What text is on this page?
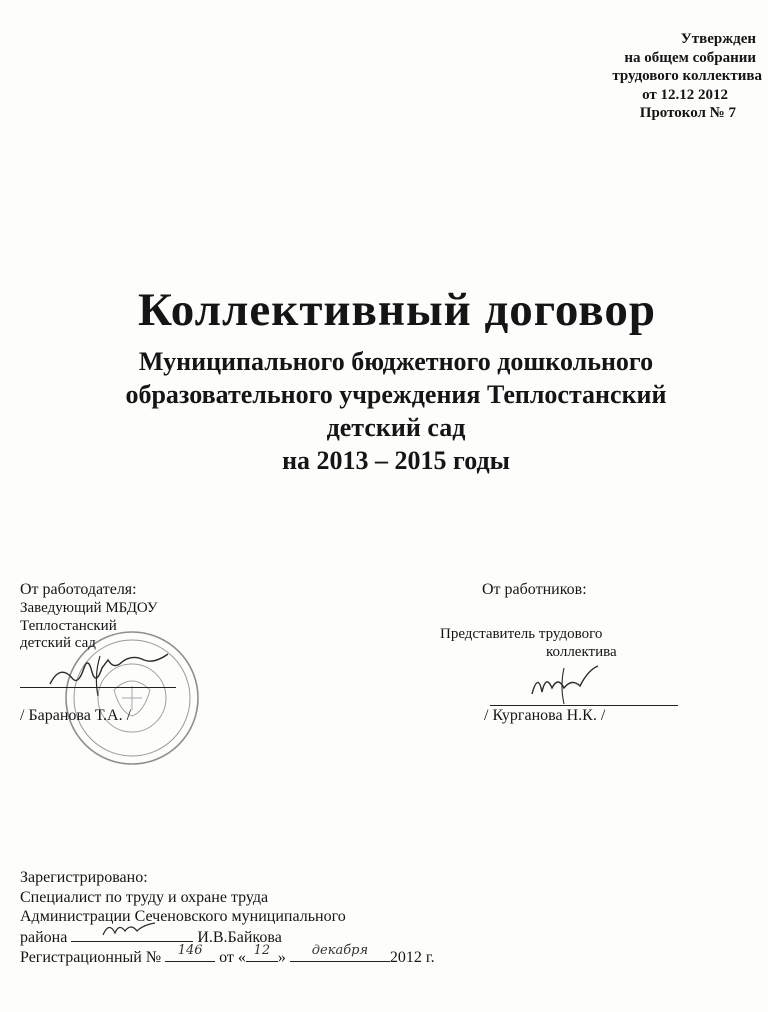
Утвержден
на общем собрании
трудового коллектива
от 12.12 2012
Протокол № 7
Коллективный договор
Муниципального бюджетного дошкольного
образовательного учреждения Теплостанский
детский сад
на 2013 – 2015 годы
От работодателя:
Заведующий МБДОУ
Теплостанский
детский сад
/ Баранова Т.А. /
От работников:
Представитель трудового
коллектива
/ Курганова Н.К. /
Зарегистрировано:
Специалист по труду и охране труда
Администрации Сеченовского муниципального
района	И.В.Байкова
Регистрационный №	146	от « 12 »	декабря	2012 г.
